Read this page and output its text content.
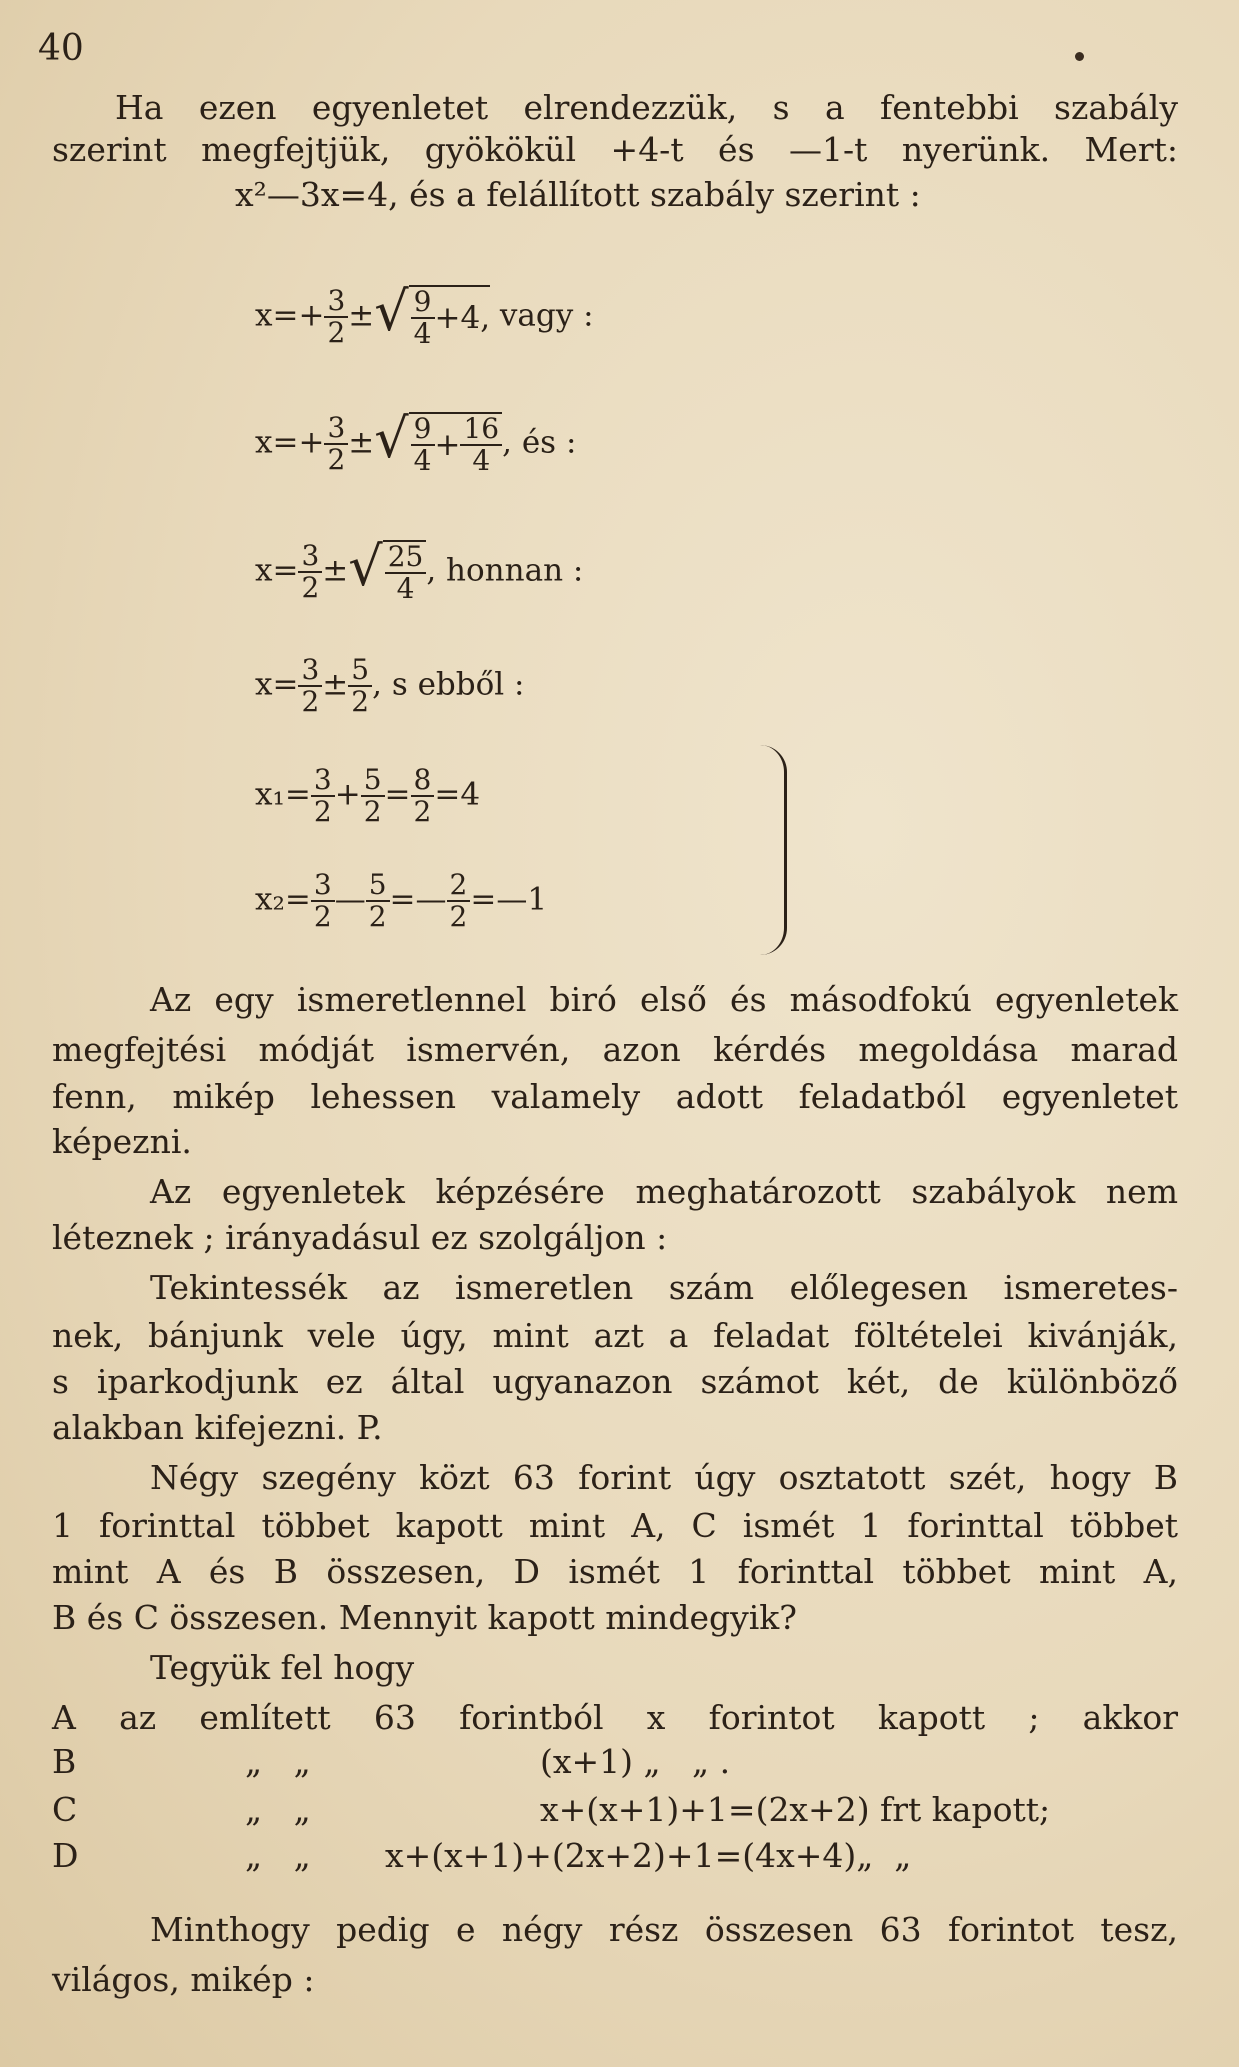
40
Ha ezen egyenletet elrendezzük, s a fentebbi szabály
szerint megfejtjük, gyökökül +4-t és —1-t nyerünk. Mert:
x²—3x=4, és a felállított szabály szerint :
$x=+ \frac{3}{2}$ ± √ $\frac{9}{4} +4$, vagy :
$x=+ \frac{3}{2}$ ± √ $\frac{9}{4} + \frac{16}{4}$ , és :
$x= \frac{3}{2}$ ± √ $\frac{25}{4}$ , honnan :
$x= \frac{3}{2} \pm \frac{5}{2}$ , s ebből :
$x_1= \frac{3}{2} + \frac{5}{2} = \frac{8}{2} =4$
$x_2= \frac{3}{2}$ — $\frac{5}{2}$ =— $\frac{2}{2}$ =—1
Az egy ismeretlennel biró első és másodfokú egyenletek
megfejtési módját ismervén, azon kérdés megoldása marad
fenn, mikép lehessen valamely adott feladatból egyenletet
képezni.
Az egyenletek képzésére meghatározott szabályok nem
léteznek ; irányadásul ez szolgáljon :
Tekintessék az ismeretlen szám előlegesen ismeretes-
nek, bánjunk vele úgy, mint azt a feladat föltételei kivánják,
s iparkodjunk ez által ugyanazon számot két, de különböző
alakban kifejezni. P.
Négy szegény közt 63 forint úgy osztatott szét, hogy B
1 forinttal többet kapott mint A, C ismét 1 forinttal többet
mint A és B összesen, D ismét 1 forinttal többet mint A,
B és C összesen. Mennyit kapott mindegyik?
Tegyük fel hogy
A az említett 63 forintból x forintot kapott ; akkor
B	„   „	(x+1) „   „ .
C	„   „	x+(x+1)+1=(2x+2) frt kapott;
D	„   „ x+(x+1)+(2x+2)+1=(4x+4)„  „
Minthogy pedig e négy rész összesen 63 forintot tesz,
világos, mikép :
